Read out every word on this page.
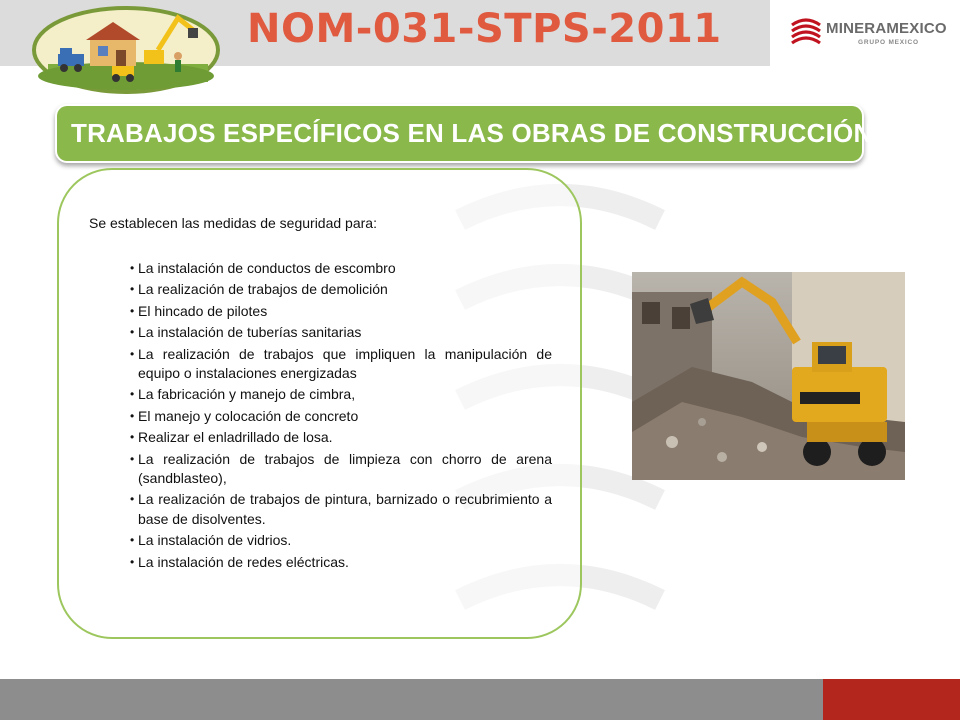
NOM-031-STPS-2011	MINERAMEXICO
GRUPO MEXICO
TRABAJOS ESPECÍFICOS EN LAS OBRAS DE CONSTRUCCIÓN.
Se establecen las medidas de seguridad para:
• La instalación de conductos de escombro
• La realización de trabajos de demolición
• El hincado de pilotes
• La instalación de tuberías sanitarias
• La realización de trabajos que impliquen la manipulación de equipo o instalaciones energizadas
• La fabricación y manejo de cimbra,
• El manejo y colocación de concreto
• Realizar el enladrillado de losa.
• La realización de trabajos de limpieza con chorro de arena (sandblasteo),
• La realización de trabajos de pintura, barnizado o recubrimiento a base de disolventes.
• La instalación de vidrios.
• La instalación de redes eléctricas.
